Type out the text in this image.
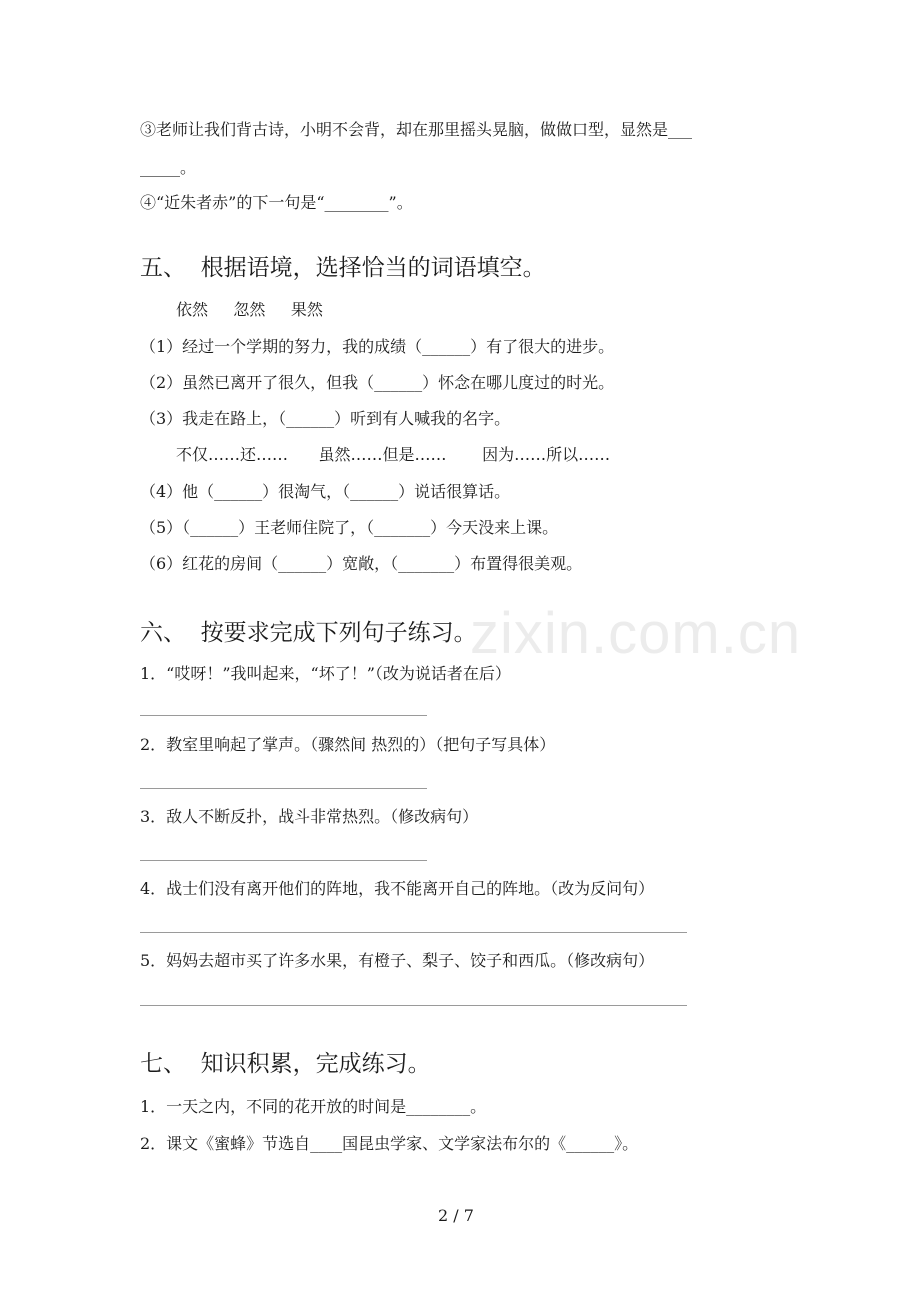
zixin.com.cn
③老师让我们背古诗，小明不会背，却在那里摇头晃脑，做做口型，显然是___
_____。
④“近朱者赤”的下一句是“________”。
五、  根据语境，选择恰当的词语填空。
依然     忽然     果然
（1）经过一个学期的努力，我的成绩（______）有了很大的进步。
（2）虽然已离开了很久，但我（______）怀念在哪儿度过的时光。
（3）我走在路上，（______）听到有人喊我的名字。
不仅……还……      虽然……但是……       因为……所以……
（4）他（______）很淘气，（______）说话很算话。
（5）（______）王老师住院了，（_______）今天没来上课。
（6）红花的房间（______）宽敞，（_______）布置得很美观。
六、  按要求完成下列句子练习。
1．“哎呀！”我叫起来，“坏了！”（改为说话者在后）
2．教室里响起了掌声。（骤然间 热烈的）（把句子写具体）
3．敌人不断反扑，战斗非常热烈。（修改病句）
4．战士们没有离开他们的阵地，我不能离开自己的阵地。（改为反问句）
5．妈妈去超市买了许多水果，有橙子、梨子、饺子和西瓜。（修改病句）
七、  知识积累，完成练习。
1．一天之内，不同的花开放的时间是________。
2．课文《蜜蜂》节选自____国昆虫学家、文学家法布尔的《______》。
2 / 7
